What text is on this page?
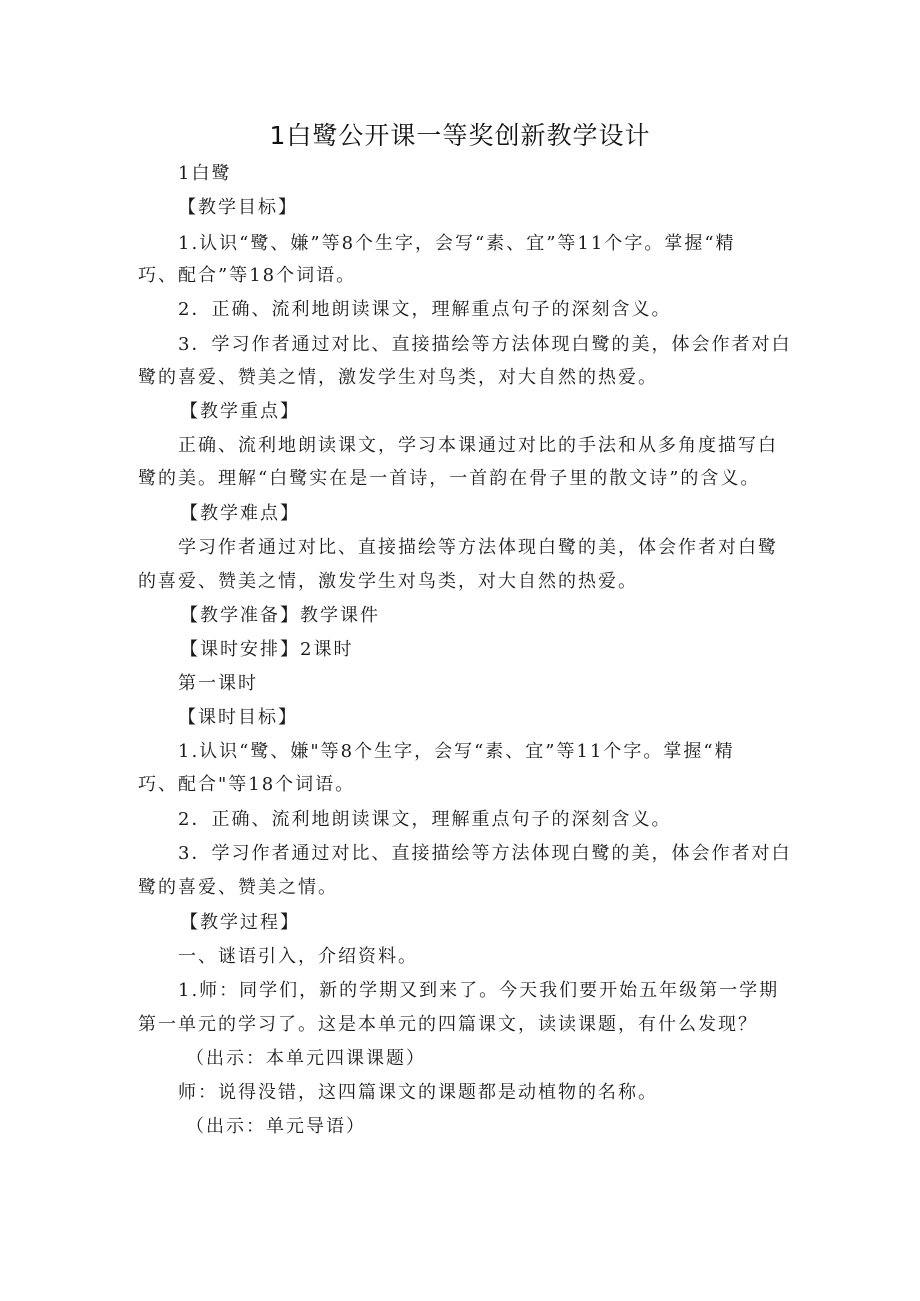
1白鹭公开课一等奖创新教学设计
1白鹭
【教学目标】
1.认识“鹭、嫌”等8个生字，会写“素、宜”等11个字。掌握“精
巧、配合”等18个词语。
2．正确、流利地朗读课文，理解重点句子的深刻含义。
3．学习作者通过对比、直接描绘等方法体现白鹭的美，体会作者对白
鹭的喜爱、赞美之情，激发学生对鸟类，对大自然的热爱。
【教学重点】
正确、流利地朗读课文，学习本课通过对比的手法和从多角度描写白
鹭的美。理解“白鹭实在是一首诗，一首韵在骨子里的散文诗”的含义。
【教学难点】
学习作者通过对比、直接描绘等方法体现白鹭的美，体会作者对白鹭
的喜爱、赞美之情，激发学生对鸟类，对大自然的热爱。
【教学准备】教学课件
【课时安排】2课时
第一课时
【课时目标】
1.认识“鹭、嫌"等8个生字，会写“素、宜”等11个字。掌握“精
巧、配合"等18个词语。
2．正确、流利地朗读课文，理解重点句子的深刻含义。
3．学习作者通过对比、直接描绘等方法体现白鹭的美，体会作者对白
鹭的喜爱、赞美之情。
【教学过程】
一、谜语引入，介绍资料。
1.师：同学们，新的学期又到来了。今天我们要开始五年级第一学期
第一单元的学习了。这是本单元的四篇课文，读读课题，有什么发现？
（出示：本单元四课课题）
师：说得没错，这四篇课文的课题都是动植物的名称。
（出示：单元导语）
